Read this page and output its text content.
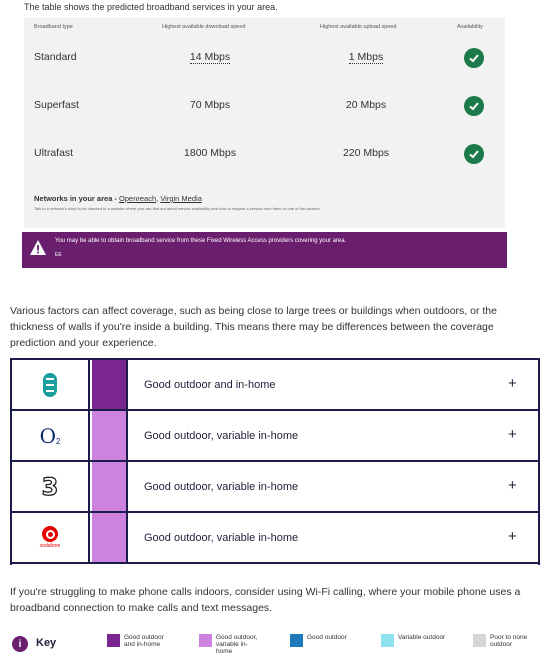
The table shows the predicted broadband services in your area.
Broadband type	Highest available download speed	Highest available upload speed	Availability
Standard	14 Mbps	1 Mbps
Superfast	70 Mbps	20 Mbps
Ultrafast	1800 Mbps	220 Mbps
Networks in your area - Openreach, Virgin Media
Talk to a network's shop to be directed to a website where you can find out about service availability and how to request a service from them or one of the carriers.
You may be able to obtain broadband service from these Fixed Wireless Access providers covering your area.
EE
Various factors can affect coverage, such as being close to large trees or buildings when outdoors, or the thickness of walls if you're inside a building. This means there may be differences between the coverage prediction and your experience.
Good outdoor and in-home	+
O 2	Good outdoor, variable in-home	+
3	Good outdoor, variable in-home	+
vodafone
Good outdoor, variable in-home	+
If you're struggling to make phone calls indoors, consider using Wi-Fi calling, where your mobile phone uses a broadband connection to make calls and text messages.
i	Key	Good outdoor and in-home
Good outdoor, variable in-home
Good outdoor	Variable outdoor	Poor to none outdoor
